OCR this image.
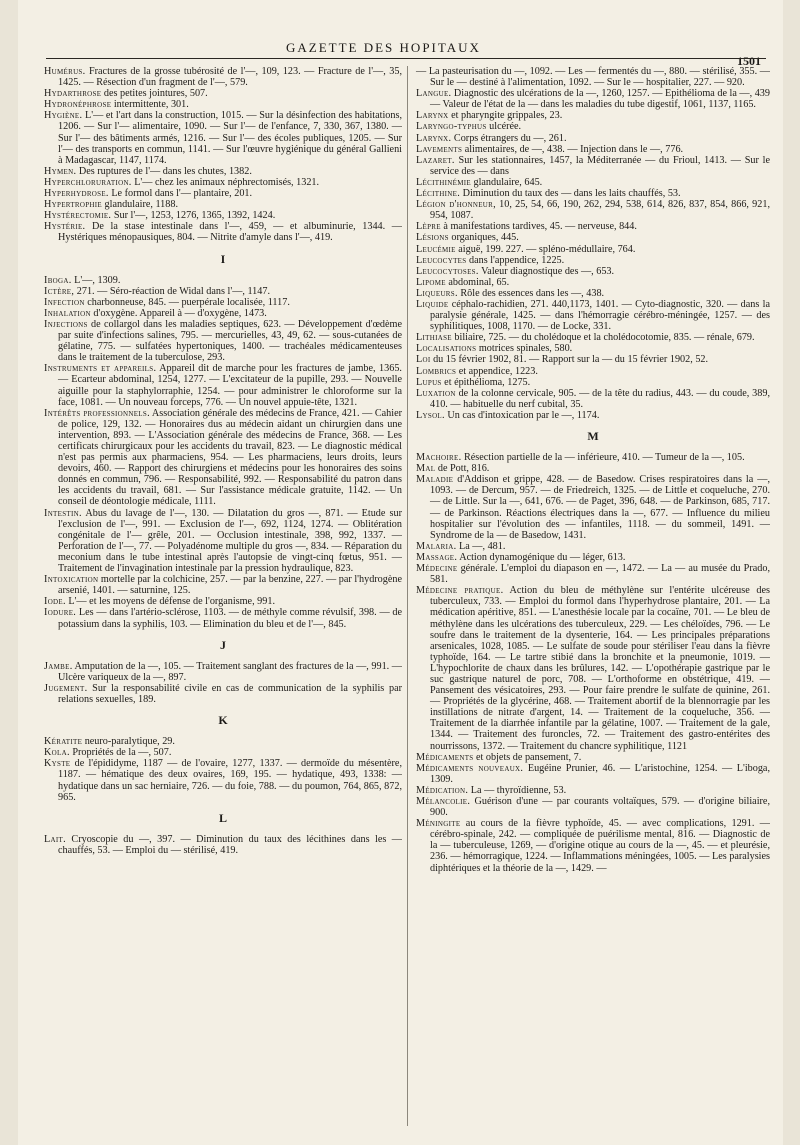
GAZETTE DES HOPITAUX
1501
Humérus. Fractures de la grosse tubérosité de l'—, 109, 123. — Fracture de l'—, 35, 1425. — Résection d'un fragment de l'—, 579.
Hydarthrose des petites jointures, 507.
Hydronéphrose intermittente, 301.
Hygiène. L'— et l'art dans la construction, 1015. — Sur la désinfection des habitations, 1206. — Sur l'— alimentaire, 1090. — Sur l'— de l'enfance, 7, 330, 367, 1380. — Sur l'— des bâtiments armés, 1216. — Sur l'— des écoles publiques, 1205. — Sur l'— des transports en commun, 1141. — Sur l'œuvre hygiénique du général Gallieni à Madagascar, 1147, 1174.
Hymen. Des ruptures de l'— dans les chutes, 1382.
Hyperchloruration. L'— chez les animaux néphrectomisés, 1321.
Hyperhydrose. Le formol dans l'— plantaire, 201.
Hypertrophie glandulaire, 1188.
Hystérectomie. Sur l'—, 1253, 1276, 1365, 1392, 1424.
Hystérie. De la stase intestinale dans l'—, 459, — et albuminurie, 1344. — Hystériques ménopausiques, 804. — Nitrite d'amyle dans l'—, 419.
I
Iboga. L'—, 1309.
Ictère, 271. — Séro-réaction de Widal dans l'—, 1147.
Infection charbonneuse, 845. — puerpérale localisée, 1117.
Inhalation d'oxygène. Appareil à — d'oxygène, 1473.
Injections de collargol dans les maladies septiques, 623. — Développement d'œdème par suite d'infections salines, 795. — mercurielles, 43, 49, 62. — sous-cutanées de gélatine, 775. — sulfatées hypertoniques, 1400. — trachéales médicamenteuses dans le traitement de la tuberculose, 293.
Instruments et appareils. Appareil dit de marche pour les fractures de jambe, 1365. — Ecarteur abdominal, 1254, 1277. — L'excitateur de la pupille, 293. — Nouvelle aiguille pour la staphylorraphie, 1254. — pour administrer le chloroforme sur la face, 1081. — Un nouveau forceps, 776. — Un nouvel appuie-tête, 1321.
Intérêts professionnels. Association générale des médecins de France, 421. — Cahier de police, 129, 132. — Honoraires dus au médecin aidant un chirurgien dans une intervention, 893. — L'Association générale des médecins de France, 368. — Les certificats chirurgicaux pour les accidents du travail, 823. — Le diagnostic médical n'est pas permis aux pharmaciens, 954. — Les pharmaciens, leurs droits, leurs devoirs, 460. — Rapport des chirurgiens et médecins pour les honoraires des soins donnés en commun, 796. — Responsabilité, 992. — Responsabilité du patron dans les accidents du travail, 681. — Sur l'assistance médicale gratuite, 1142. — Un conseil de déontologie médicale, 1111.
Intestin. Abus du lavage de l'—, 130. — Dilatation du gros —, 871. — Etude sur l'exclusion de l'—, 991. — Exclusion de l'—, 692, 1124, 1274. — Oblitération congénitale de l'— grêle, 201. — Occlusion intestinale, 398, 992, 1337. — Perforation de l'—, 77. — Polyadénome multiple du gros —, 834. — Réparation du meconium dans le tube intestinal après l'autopsie de vingt-cinq fœtus, 951. — Traitement de l'invagination intestinale par la pression hydraulique, 823.
Intoxication mortelle par la colchicine, 257. — par la benzine, 227. — par l'hydrogène arsenié, 1401. — saturnine, 125.
Iode. L'— et les moyens de défense de l'organisme, 991.
Iodure. Les — dans l'artério-sclérose, 1103. — de méthyle comme révulsif, 398. — de potassium dans la syphilis, 103. — Elimination du bleu et de l'—, 845.
J
Jambe. Amputation de la —, 105. — Traitement sanglant des fractures de la —, 991. — Ulcère variqueux de la —, 897.
Jugement. Sur la responsabilité civile en cas de communication de la syphilis par relations sexuelles, 189.
K
Kératite neuro-paralytique, 29.
Kola. Propriétés de la —, 507.
Kyste de l'épididyme, 1187 — de l'ovaire, 1277, 1337. — dermoïde du mésentère, 1187. — hématique des deux ovaires, 169, 195. — hydatique, 493, 1338: — hydatique dans un sac herniaire, 726. — du foie, 788. — du poumon, 764, 865, 872, 965.
L
Lait. Cryoscopie du —, 397. — Diminution du taux des lécithines dans les — chauffés, 53. — Emploi du — stérilisé, 419.
— La pasteurisation du —, 1092. — Les — fermentés du —, 880. — stérilisé, 355. — Sur le — destiné à l'alimentation, 1092. — Sur le — hospitalier, 227. — 920.
Langue. Diagnostic des ulcérations de la —, 1260, 1257. — Epithélioma de la —, 439 — Valeur de l'état de la — dans les maladies du tube digestif, 1061, 1137, 1165.
Larynx et pharyngite grippales, 23.
Laryngo-typhus ulcérée.
Larynx. Corps étrangers du —, 261.
Lavements alimentaires, de —, 438. — Injection dans le —, 776.
Lazaret. Sur les stationnaires, 1457, la Méditerranée — du Frioul, 1413. — Sur le service des — dans
Lécithinémie glandulaire, 645.
Lécithine. Diminution du taux des — dans les laits chauffés, 53.
Légion d'honneur, 10, 25, 54, 66, 190, 262, 294, 538, 614, 826, 837, 854, 866, 921, 954, 1087.
Lèpre à manifestations tardives, 45. — nerveuse, 844.
Lésions organiques, 445.
Leucémie aiguë, 199. 227. — spléno-médullaire, 764.
Leucocytes dans l'appendice, 1225.
Leucocytoses. Valeur diagnostique des —, 653.
Lipome abdominal, 65.
Liqueurs. Rôle des essences dans les —, 438.
Liquide céphalo-rachidien, 271. 440,1173, 1401. — Cyto-diagnostic, 320. — dans la paralysie générale, 1425. — dans l'hémorragie cérébro-méningée, 1257. — des syphilitiques, 1008, 1170. — de Locke, 331.
Lithiase biliaire, 725. — du cholédoque et la cholédocotomie, 835. — rénale, 679.
Localisations motrices spinales, 580.
Loi du 15 février 1902, 81. — Rapport sur la — du 15 février 1902, 52.
Lombrics et appendice, 1223.
Lupus et épithélioma, 1275.
Luxation de la colonne cervicale, 905. — de la tête du radius, 443. — du coude, 389, 410. — habituelle du nerf cubital, 35.
Lysol. Un cas d'intoxication par le —, 1174.
M
Machoire. Résection partielle de la — inférieure, 410. — Tumeur de la —, 105.
Mal de Pott, 816.
Maladie d'Addison et grippe, 428. — de Basedow. Crises respiratoires dans la —, 1093. — de Dercum, 957. — de Friedreich, 1325. — de Little et coqueluche, 270. — de Little. Sur la —, 641, 676. — de Paget, 396, 648. — de Parkinson, 685, 717. — de Parkinson. Réactions électriques dans la —, 677. — Influence du milieu hospitalier sur l'évolution des — infantiles, 1118. — du sommeil, 1491. — Syndrome de la — de Basedow, 1431.
Malaria. La —, 481.
Massage. Action dynamogénique du — léger, 613.
Médecine générale. L'emploi du diapason en —, 1472. — La — au musée du Prado, 581.
Médecine pratique. Action du bleu de méthylène sur l'entérite ulcéreuse des tuberculeux, 733. — Emploi du formol dans l'hyperhydrose plantaire, 201. — La médication apéritive, 851. — L'anesthésie locale par la cocaïne, 701. — Le bleu de méthylène dans les ulcérations des tuberculeux, 229. — Les chéloïdes, 796. — Le soufre dans le traitement de la dysenterie, 164. — Les principales préparations arsenicales, 1028, 1085. — Le sulfate de soude pour stériliser l'eau dans la fièvre typhoïde, 164. — Le tartre stibié dans la bronchite et la pneumonie, 1019. — L'hypochlorite de chaux dans les brûlures, 142. — L'opothérapie gastrique par le suc gastrique naturel de porc, 708. — L'orthoforme en obstétrique, 419. — Pansement des vésicatoires, 293. — Pour faire prendre le sulfate de quinine, 261. — Propriétés de la glycérine, 468. — Traitement abortif de la blennorragie par les instillations de nitrate d'argent, 14. — Traitement de la coqueluche, 356. — Traitement de la diarrhée infantile par la gélatine, 1007. — Traitement de la gale, 1344. — Traitement des furoncles, 72. — Traitement des gastro-entérites des nourrissons, 1372. — Traitement du chancre syphilitique, 1121
Médicaments et objets de pansement, 7.
Médicaments nouveaux. Eugéine Prunier, 46. — L'aristochine, 1254. — L'iboga, 1309.
Médication. La — thyroïdienne, 53.
Mélancolie. Guérison d'une — par courants voltaïques, 579. — d'origine biliaire, 900.
Méningite au cours de la fièvre typhoïde, 45. — avec complications, 1291. — cérébro-spinale, 242. — compliquée de puérilisme mental, 816. — Diagnostic de la — tuberculeuse, 1269, — d'origine otique au cours de la —, 45. — et pleurésie, 236. — hémorragique, 1224. — Inflammations méningées, 1005. — Les paralysies diphtériques et la théorie de la —, 1429. —
